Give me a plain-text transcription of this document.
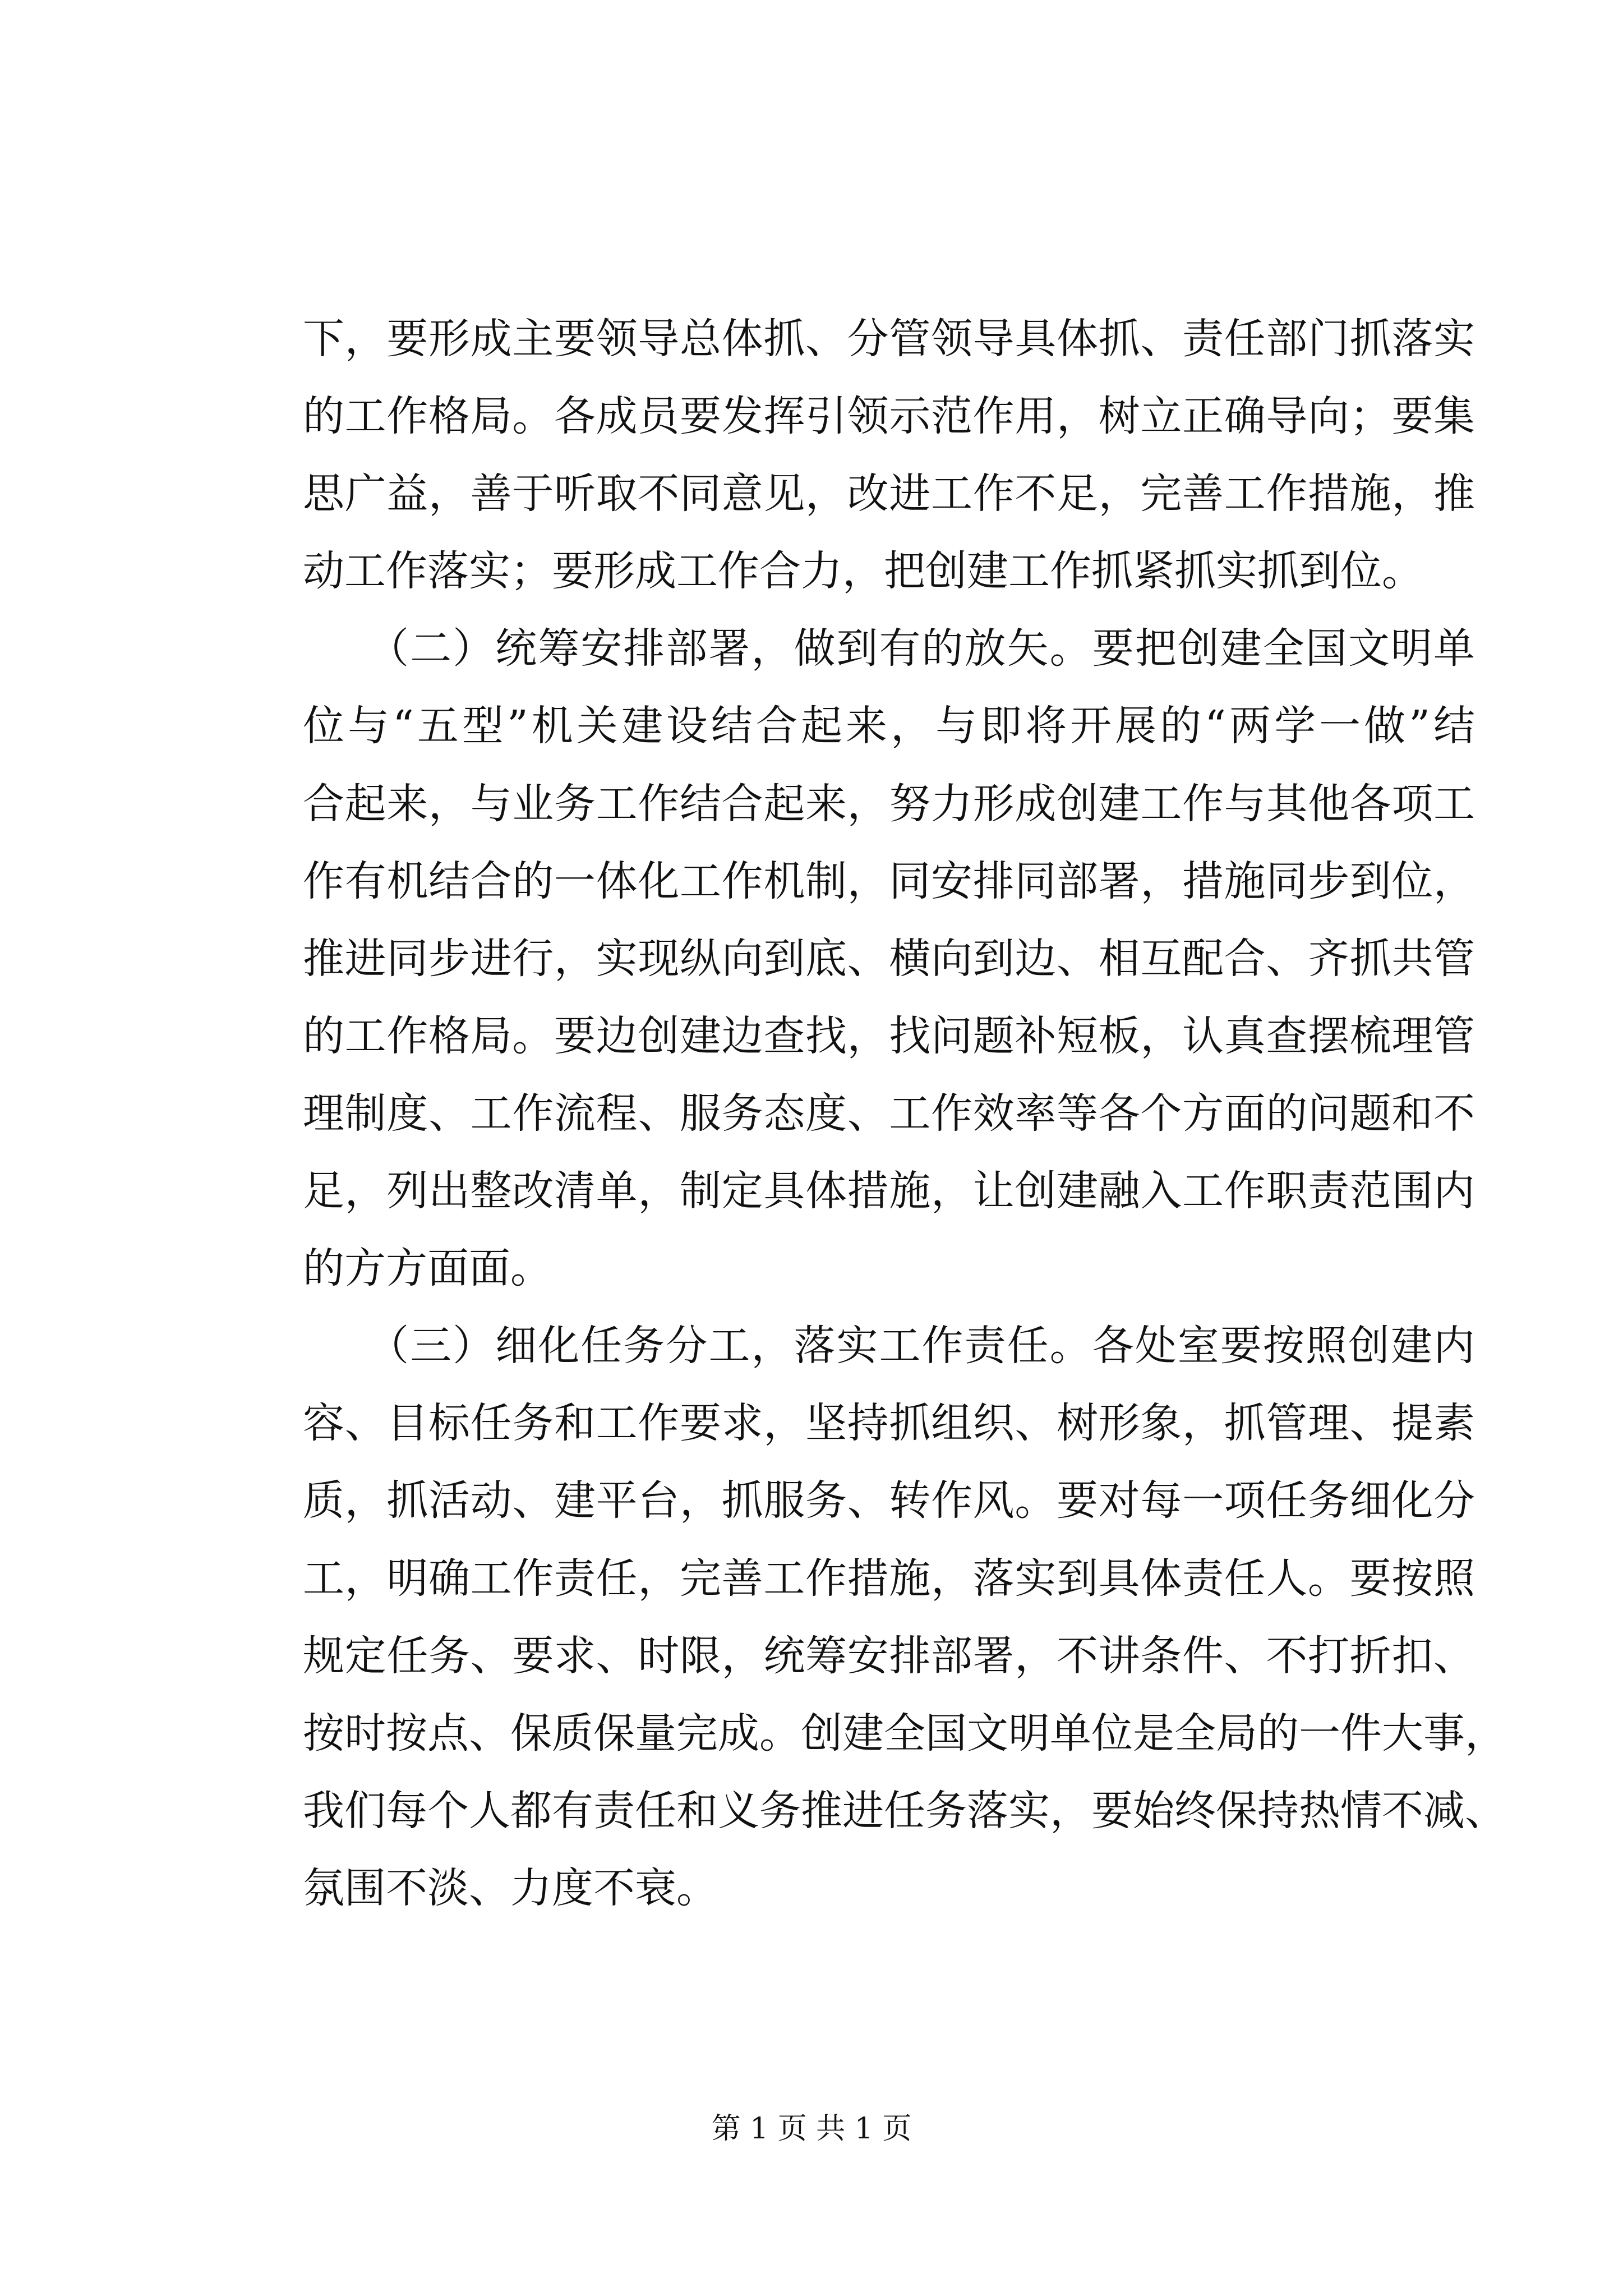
下，要形成主要领导总体抓、分管领导具体抓、责任部门抓落实
的工作格局。各成员要发挥引领示范作用，树立正确导向；要集
思广益，善于听取不同意见，改进工作不足，完善工作措施，推
动工作落实；要形成工作合力，把创建工作抓紧抓实抓到位。
　　（二）统筹安排部署，做到有的放矢。要把创建全国文明单
位与“五型”机关建设结合起来，与即将开展的“两学一做”结
合起来，与业务工作结合起来，努力形成创建工作与其他各项工
作有机结合的一体化工作机制，同安排同部署，措施同步到位，
推进同步进行，实现纵向到底、横向到边、相互配合、齐抓共管
的工作格局。要边创建边查找，找问题补短板，认真查摆梳理管
理制度、工作流程、服务态度、工作效率等各个方面的问题和不
足，列出整改清单，制定具体措施，让创建融入工作职责范围内
的方方面面。
　　（三）细化任务分工，落实工作责任。各处室要按照创建内
容、目标任务和工作要求，坚持抓组织、树形象，抓管理、提素
质，抓活动、建平台，抓服务、转作风。要对每一项任务细化分
工，明确工作责任，完善工作措施，落实到具体责任人。要按照
规定任务、要求、时限，统筹安排部署，不讲条件、不打折扣、
按时按点、保质保量完成。创建全国文明单位是全局的一件大事，
我们每个人都有责任和义务推进任务落实，要始终保持热情不减、
氛围不淡、力度不衰。
第 1 页 共 1 页
